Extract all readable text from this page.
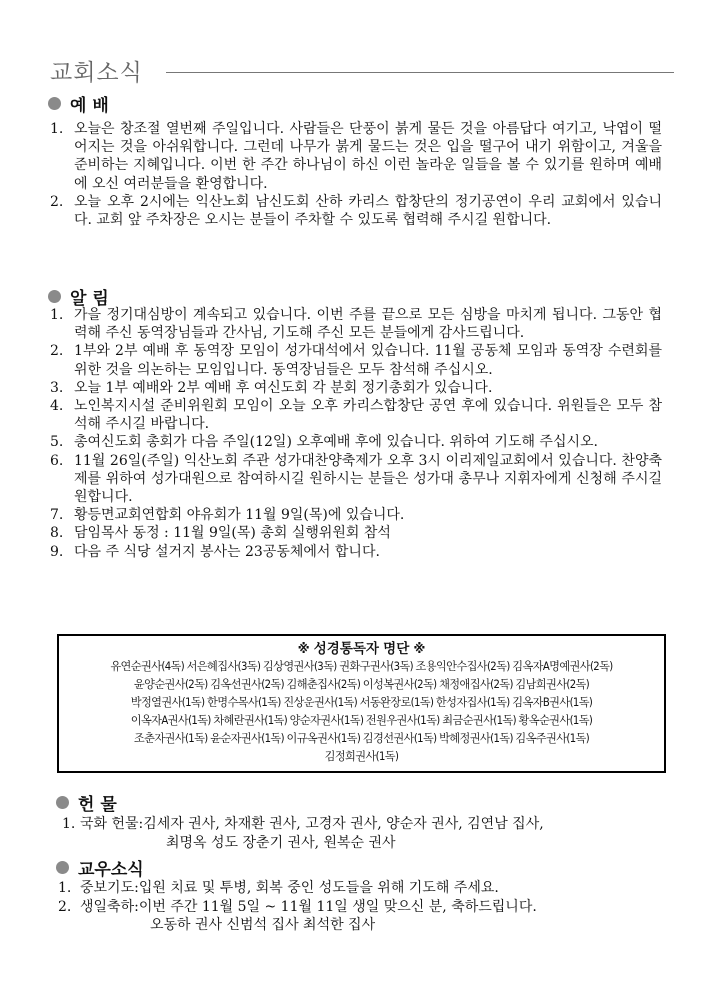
교회소식
예 배
1. 오늘은 창조절 열번째 주일입니다. 사람들은 단풍이 붉게 물든 것을 아름답다 여기고, 낙엽이 떨어지는 것을 아쉬워합니다. 그런데 나무가 붉게 물드는 것은 입을 떨구어 내기 위함이고, 겨울을 준비하는 지혜입니다. 이번 한 주간 하나님이 하신 이런 놀라운 일들을 볼 수 있기를 원하며 예배에 오신 여러분들을 환영합니다.
2. 오늘 오후 2시에는 익산노회 남신도회 산하 카리스 합창단의 정기공연이 우리 교회에서 있습니다. 교회 앞 주차장은 오시는 분들이 주차할 수 있도록 협력해 주시길 원합니다.
알 림
1. 가을 정기대심방이 계속되고 있습니다. 이번 주를 끝으로 모든 심방을 마치게 됩니다. 그동안 협력해 주신 동역장님들과 간사님, 기도해 주신 모든 분들에게 감사드립니다.
2. 1부와 2부 예배 후 동역장 모임이 성가대석에서 있습니다. 11월 공동체 모임과 동역장 수련회를 위한 것을 의논하는 모임입니다. 동역장님들은 모두 참석해 주십시오.
3. 오늘 1부 예배와 2부 예배 후 여신도회 각 분회 정기총회가 있습니다.
4. 노인복지시설 준비위원회 모임이 오늘 오후 카리스합창단 공연 후에 있습니다. 위원들은 모두 참석해 주시길 바랍니다.
5. 총여신도회 총회가 다음 주일(12일) 오후예배 후에 있습니다. 위하여 기도해 주십시오.
6. 11월 26일(주일) 익산노회 주관 성가대찬양축제가 오후 3시 이리제일교회에서 있습니다. 찬양축제를 위하여 성가대원으로 참여하시길 원하시는 분들은 성가대 총무나 지휘자에게 신청해 주시길 원합니다.
7. 황등면교회연합회 야유회가 11월 9일(목)에 있습니다.
8. 담임목사 동정 : 11월 9일(목) 총회 실행위원회 참석
9. 다음 주 식당 설거지 봉사는 23공동체에서 합니다.
※ 성경통독자 명단 ※
유연순권사(4독) 서은혜집사(3독) 김상영권사(3독) 권화구권사(3독) 조용익안수집사(2독) 김옥자A명예권사(2독)
윤양순권사(2독) 김옥선권사(2독) 김해춘집사(2독) 이성복권사(2독) 채정애집사(2독) 김남희권사(2독)
박정열권사(1독) 한명수목사(1독) 진상운권사(1독) 서동완장로(1독) 한성자집사(1독) 김옥자B권사(1독)
이옥자A권사(1독) 차혜란권사(1독) 양순자권사(1독) 전원우권사(1독) 최금순권사(1독) 황옥순권사(1독)
조춘자권사(1독) 윤순자권사(1독) 이규옥권사(1독) 김경선권사(1독) 박혜정권사(1독) 김옥주권사(1독)
김정희권사(1독)
헌 물
1. 국화 헌물: 김세자 권사, 차재환 권사, 고경자 권사, 양순자 권사, 김연남 집사,
최명옥 성도 장춘기 권사, 원복순 권사
교우소식
1. 중보기도: 입원 치료 및 투병, 회복 중인 성도들을 위해 기도해 주세요.
2. 생일축하: 이번 주간 11월 5일 ~ 11월 11일 생일 맞으신 분, 축하드립니다.
오동하 권사 신범석 집사 최석한 집사
